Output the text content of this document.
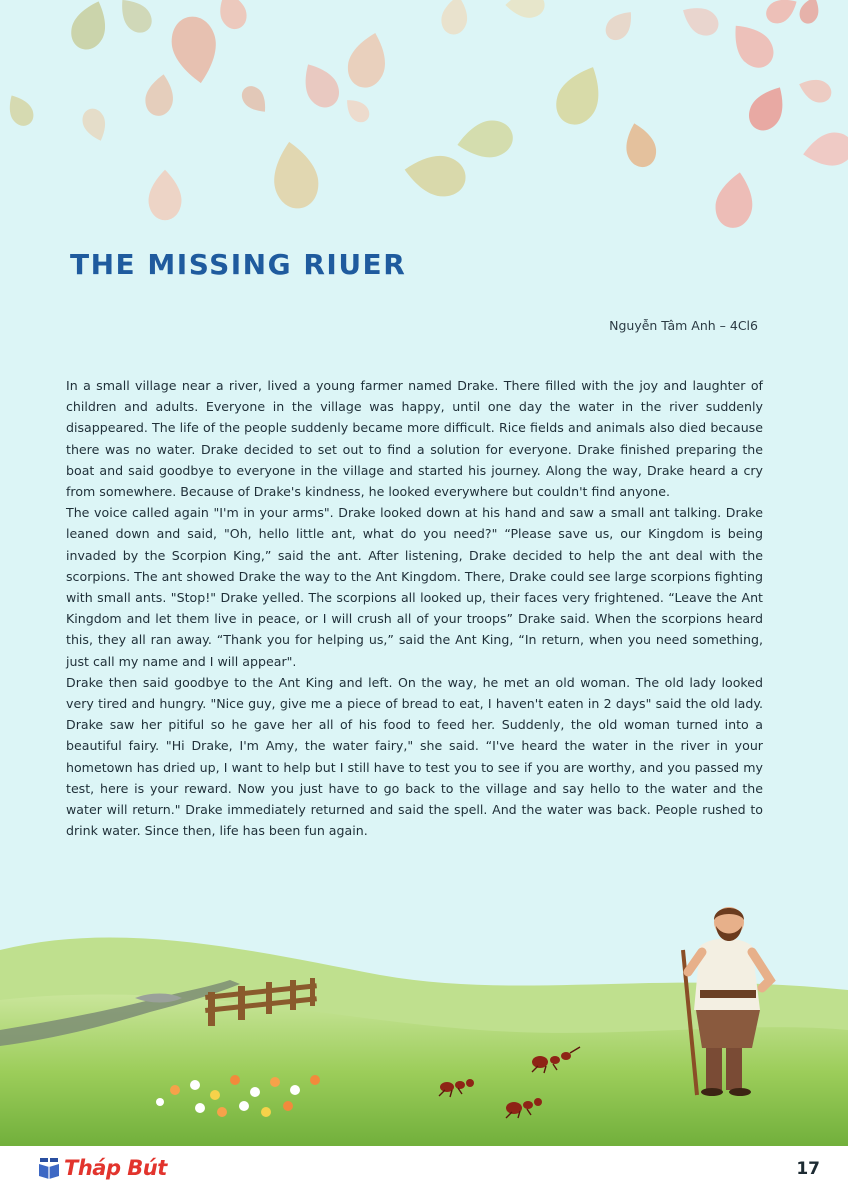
THE MISSING RIUER
Nguyễn Tâm Anh – 4Cl6

In a small village near a river, lived a young farmer named Drake. There filled with the joy and laughter of children and adults. Everyone in the village was happy, until one day the water in the river suddenly disappeared. The life of the people suddenly became more difficult. Rice fields and animals also died because there was no water. Drake decided to set out to find a solution for everyone. Drake finished preparing the boat and said goodbye to everyone in the village and started his journey. Along the way, Drake heard a cry from somewhere. Because of Drake's kindness, he looked everywhere but couldn't find anyone.

The voice called again "I'm in your arms". Drake looked down at his hand and saw a small ant talking. Drake leaned down and said, "Oh, hello little ant, what do you need?" “Please save us, our Kingdom is being invaded by the Scorpion King,” said the ant. After listening, Drake decided to help the ant deal with the scorpions. The ant showed Drake the way to the Ant Kingdom. There, Drake could see large scorpions fighting with small ants. "Stop!" Drake yelled. The scorpions all looked up, their faces very frightened. “Leave the Ant Kingdom and let them live in peace, or I will crush all of your troops” Drake said. When the scorpions heard this, they all ran away. “Thank you for helping us,” said the Ant King, “In return, when you need something, just call my name and I will appear".

Drake then said goodbye to the Ant King and left. On the way, he met an old woman. The old lady looked very tired and hungry. "Nice guy, give me a piece of bread to eat, I haven't eaten in 2 days" said the old lady. Drake saw her pitiful so he gave her all of his food to feed her. Suddenly, the old woman turned into a beautiful fairy. "Hi Drake, I'm Amy, the water fairy," she said. “I've heard the water in the river in your hometown has dried up, I want to help but I still have to test you to see if you are worthy, and you passed my test, here is your reward. Now you just have to go back to the village and say hello to the water and the water will return." Drake immediately returned and said the spell. And the water was back. People rushed to drink water. Since then, life has been fun again.

Tháp Bút	17
